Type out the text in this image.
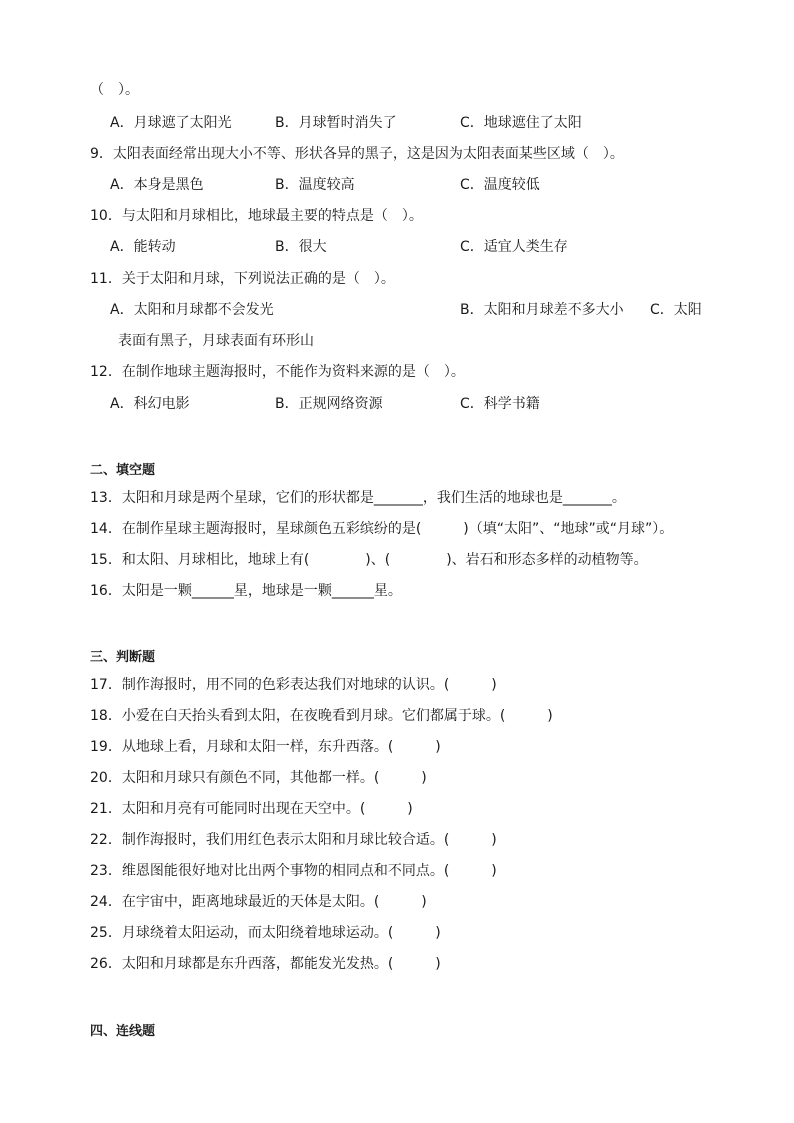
（　）。
A．月球遮了太阳光	B．月球暂时消失了	C．地球遮住了太阳
9．太阳表面经常出现大小不等、形状各异的黑子，这是因为太阳表面某些区域（　）。
A．本身是黑色	B．温度较高	C．温度较低
10．与太阳和月球相比，地球最主要的特点是（　）。
A．能转动	B．很大	C．适宜人类生存
11．关于太阳和月球，下列说法正确的是（　）。
A．太阳和月球都不会发光	B．太阳和月球差不多大小 C．太阳
表面有黑子，月球表面有环形山
12．在制作地球主题海报时，不能作为资料来源的是（　）。
A．科幻电影	B．正规网络资源	C．科学书籍
二、填空题
13．太阳和月球是两个星球，它们的形状都是_______，我们生活的地球也是_______。
14．在制作星球主题海报时，星球颜色五彩缤纷的是(　　　)（填“太阳”、“地球”或“月球”）。
15．和太阳、月球相比，地球上有(　　　　)、(　　　　)、岩石和形态多样的动植物等。
16．太阳是一颗______星，地球是一颗______星。
三、判断题
17．制作海报时，用不同的色彩表达我们对地球的认识。(　　　)
18．小爱在白天抬头看到太阳，在夜晚看到月球。它们都属于球。(　　　)
19．从地球上看，月球和太阳一样，东升西落。(　　　)
20．太阳和月球只有颜色不同，其他都一样。(　　　)
21．太阳和月亮有可能同时出现在天空中。(　　　)
22．制作海报时，我们用红色表示太阳和月球比较合适。(　　　)
23．维恩图能很好地对比出两个事物的相同点和不同点。(　　　)
24．在宇宙中，距离地球最近的天体是太阳。(　　　)
25．月球绕着太阳运动，而太阳绕着地球运动。(　　　)
26．太阳和月球都是东升西落，都能发光发热。(　　　)
四、连线题
